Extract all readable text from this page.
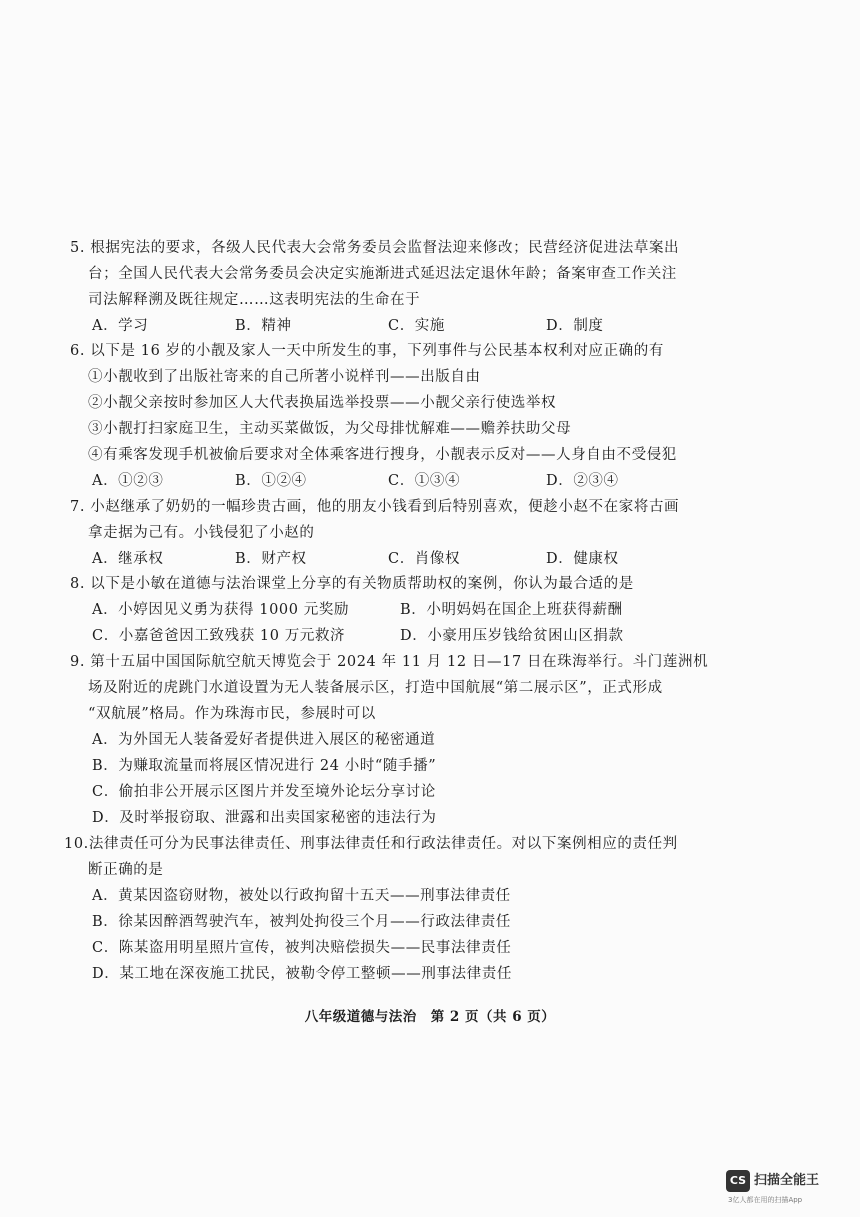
5. 根据宪法的要求，各级人民代表大会常务委员会监督法迎来修改；民营经济促进法草案出
台；全国人民代表大会常务委员会决定实施渐进式延迟法定退休年龄；备案审查工作关注
司法解释溯及既往规定……这表明宪法的生命在于
A．学习	B．精神	C．实施	D．制度
6. 以下是 16 岁的小靓及家人一天中所发生的事，下列事件与公民基本权利对应正确的有
①小靓收到了出版社寄来的自己所著小说样刊——出版自由
②小靓父亲按时参加区人大代表换届选举投票——小靓父亲行使选举权
③小靓打扫家庭卫生，主动买菜做饭，为父母排忧解难——赡养扶助父母
④有乘客发现手机被偷后要求对全体乘客进行搜身，小靓表示反对——人身自由不受侵犯
A．①②③	B．①②④	C．①③④	D．②③④
7. 小赵继承了奶奶的一幅珍贵古画，他的朋友小钱看到后特别喜欢，便趁小赵不在家将古画
拿走据为己有。小钱侵犯了小赵的
A．继承权	B．财产权	C．肖像权	D．健康权
8. 以下是小敏在道德与法治课堂上分享的有关物质帮助权的案例，你认为最合适的是
A．小婷因见义勇为获得 1000 元奖励	B．小明妈妈在国企上班获得薪酬
C．小嘉爸爸因工致残获 10 万元救济	D．小豪用压岁钱给贫困山区捐款
9. 第十五届中国国际航空航天博览会于 2024 年 11 月 12 日—17 日在珠海举行。斗门莲洲机
场及附近的虎跳门水道设置为无人装备展示区，打造中国航展“第二展示区”，正式形成
“双航展”格局。作为珠海市民，参展时可以
A．为外国无人装备爱好者提供进入展区的秘密通道
B．为赚取流量而将展区情况进行 24 小时“随手播”
C．偷拍非公开展示区图片并发至境外论坛分享讨论
D．及时举报窃取、泄露和出卖国家秘密的违法行为
10.法律责任可分为民事法律责任、刑事法律责任和行政法律责任。对以下案例相应的责任判
断正确的是
A．黄某因盗窃财物，被处以行政拘留十五天——刑事法律责任
B．徐某因醉酒驾驶汽车，被判处拘役三个月——行政法律责任
C．陈某盗用明星照片宣传，被判决赔偿损失——民事法律责任
D．某工地在深夜施工扰民，被勒令停工整顿——刑事法律责任
八年级道德与法治　第 2 页（共 6 页）
CS 扫描全能王
3亿人都在用的扫描App
